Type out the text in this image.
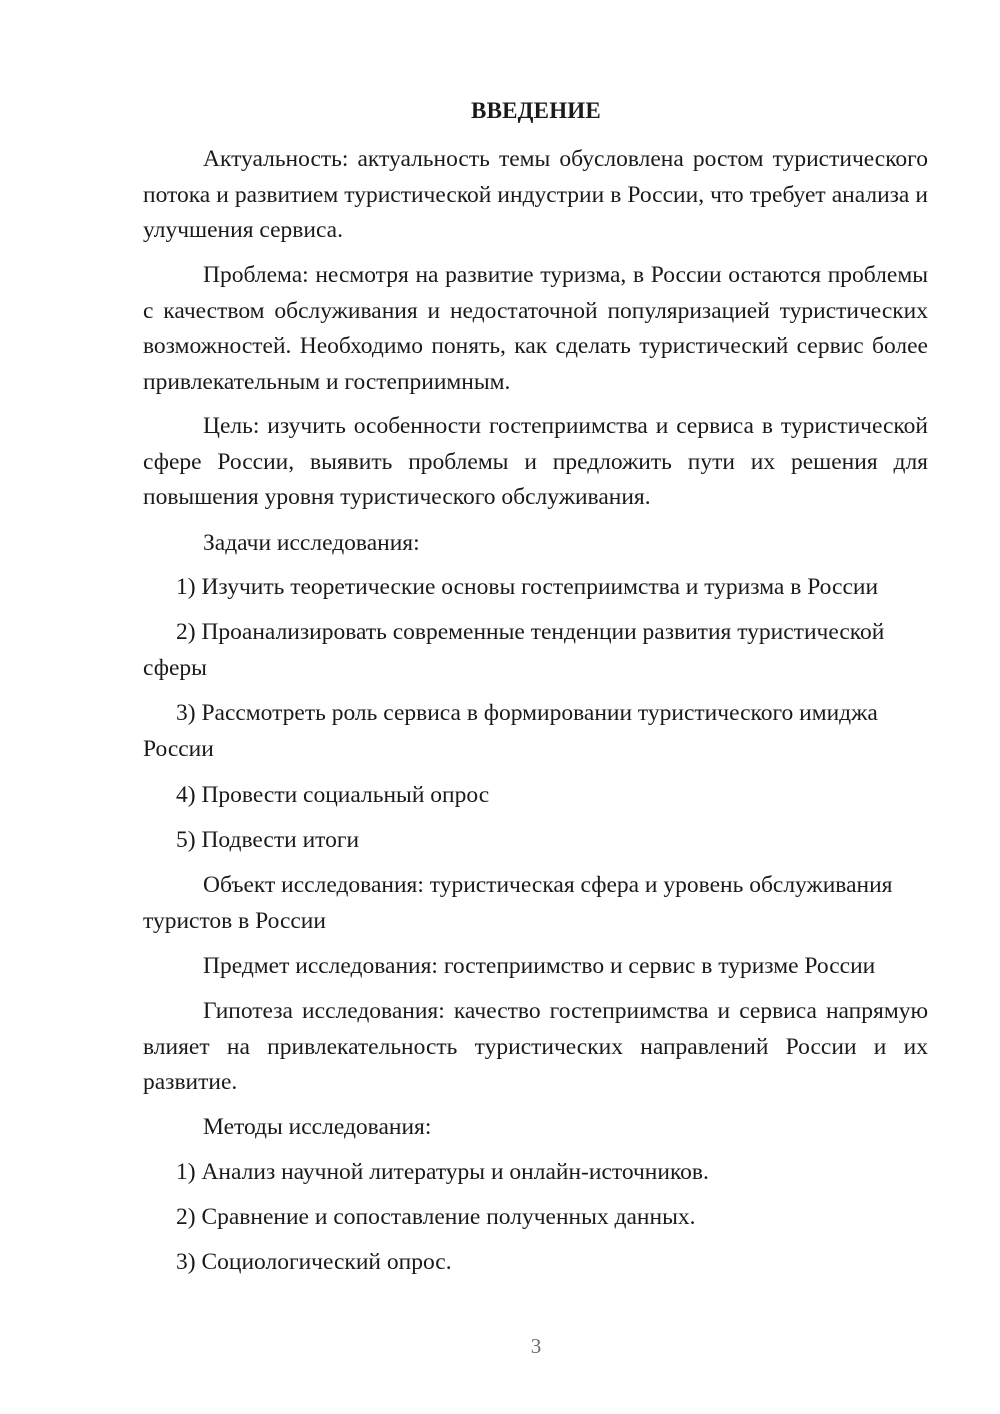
ВВЕДЕНИЕ

Актуальность: актуальность темы обусловлена ростом туристического потока и развитием туристической индустрии в России, что требует анализа и улучшения сервиса.

Проблема: несмотря на развитие туризма, в России остаются проблемы с качеством обслуживания и недостаточной популяризацией туристических возможностей. Необходимо понять, как сделать туристический сервис более привлекательным и гостеприимным.

Цель: изучить особенности гостеприимства и сервиса в туристической сфере России, выявить проблемы и предложить пути их решения для повышения уровня туристического обслуживания.

Задачи исследования:

1) Изучить теоретические основы гостеприимства и туризма в России

2) Проанализировать современные тенденции развития туристической сферы

3) Рассмотреть роль сервиса в формировании туристического имиджа России

4) Провести социальный опрос

5) Подвести итоги

Объект исследования: туристическая сфера и уровень обслуживания туристов в России

Предмет исследования: гостеприимство и сервис в туризме России

Гипотеза исследования: качество гостеприимства и сервиса напрямую влияет на привлекательность туристических направлений России и их развитие.

Методы исследования:

1) Анализ научной литературы и онлайн-источников.

2) Сравнение и сопоставление полученных данных.

3) Социологический опрос.

3
